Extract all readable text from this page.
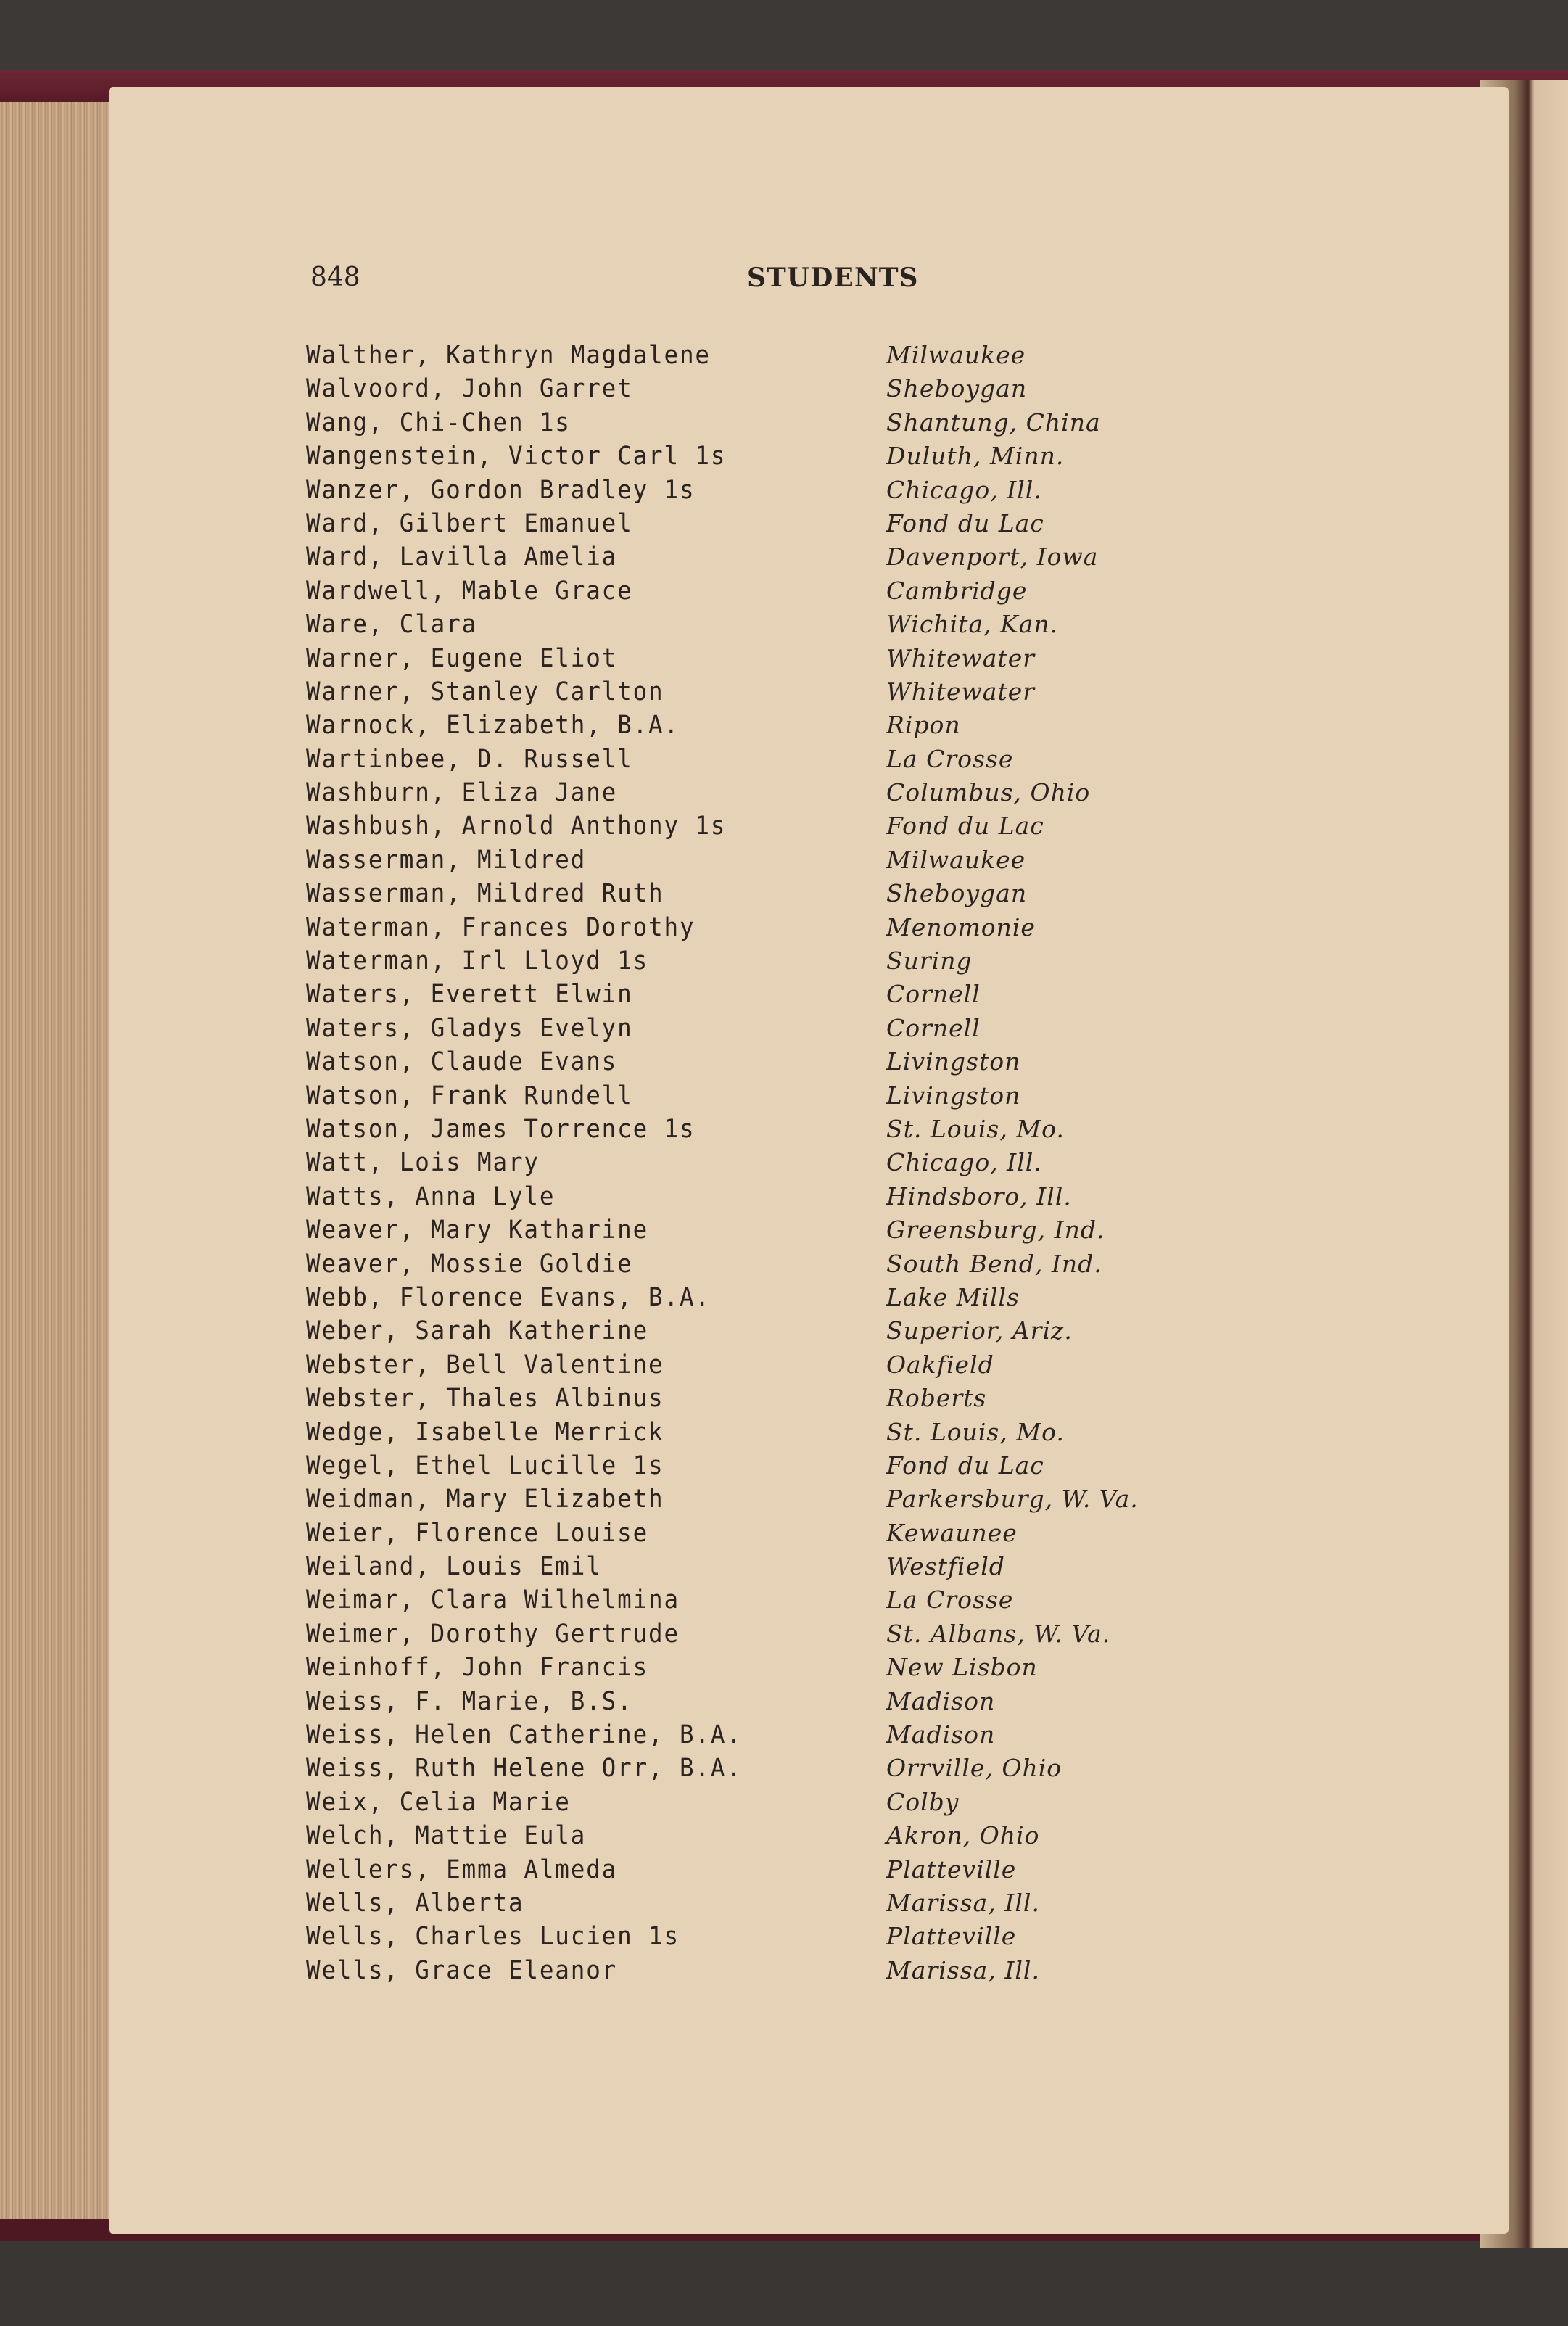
848	STUDENTS
Walther, Kathryn Magdalene	Milwaukee
Walvoord, John Garret	Sheboygan
Wang, Chi-Chen 1s	Shantung, China
Wangenstein, Victor Carl 1s	Duluth, Minn.
Wanzer, Gordon Bradley 1s	Chicago, Ill.
Ward, Gilbert Emanuel	Fond du Lac
Ward, Lavilla Amelia	Davenport, Iowa
Wardwell, Mable Grace	Cambridge
Ware, Clara	Wichita, Kan.
Warner, Eugene Eliot	Whitewater
Warner, Stanley Carlton	Whitewater
Warnock, Elizabeth, B.A.	Ripon
Wartinbee, D. Russell	La Crosse
Washburn, Eliza Jane	Columbus, Ohio
Washbush, Arnold Anthony 1s	Fond du Lac
Wasserman, Mildred	Milwaukee
Wasserman, Mildred Ruth	Sheboygan
Waterman, Frances Dorothy	Menomonie
Waterman, Irl Lloyd 1s	Suring
Waters, Everett Elwin	Cornell
Waters, Gladys Evelyn	Cornell
Watson, Claude Evans	Livingston
Watson, Frank Rundell	Livingston
Watson, James Torrence 1s	St. Louis, Mo.
Watt, Lois Mary	Chicago, Ill.
Watts, Anna Lyle	Hindsboro, Ill.
Weaver, Mary Katharine	Greensburg, Ind.
Weaver, Mossie Goldie	South Bend, Ind.
Webb, Florence Evans, B.A.	Lake Mills
Weber, Sarah Katherine	Superior, Ariz.
Webster, Bell Valentine	Oakfield
Webster, Thales Albinus	Roberts
Wedge, Isabelle Merrick	St. Louis, Mo.
Wegel, Ethel Lucille 1s	Fond du Lac
Weidman, Mary Elizabeth	Parkersburg, W. Va.
Weier, Florence Louise	Kewaunee
Weiland, Louis Emil	Westfield
Weimar, Clara Wilhelmina	La Crosse
Weimer, Dorothy Gertrude	St. Albans, W. Va.
Weinhoff, John Francis	New Lisbon
Weiss, F. Marie, B.S.	Madison
Weiss, Helen Catherine, B.A.	Madison
Weiss, Ruth Helene Orr, B.A.	Orrville, Ohio
Weix, Celia Marie	Colby
Welch, Mattie Eula	Akron, Ohio
Wellers, Emma Almeda	Platteville
Wells, Alberta	Marissa, Ill.
Wells, Charles Lucien 1s	Platteville
Wells, Grace Eleanor	Marissa, Ill.
